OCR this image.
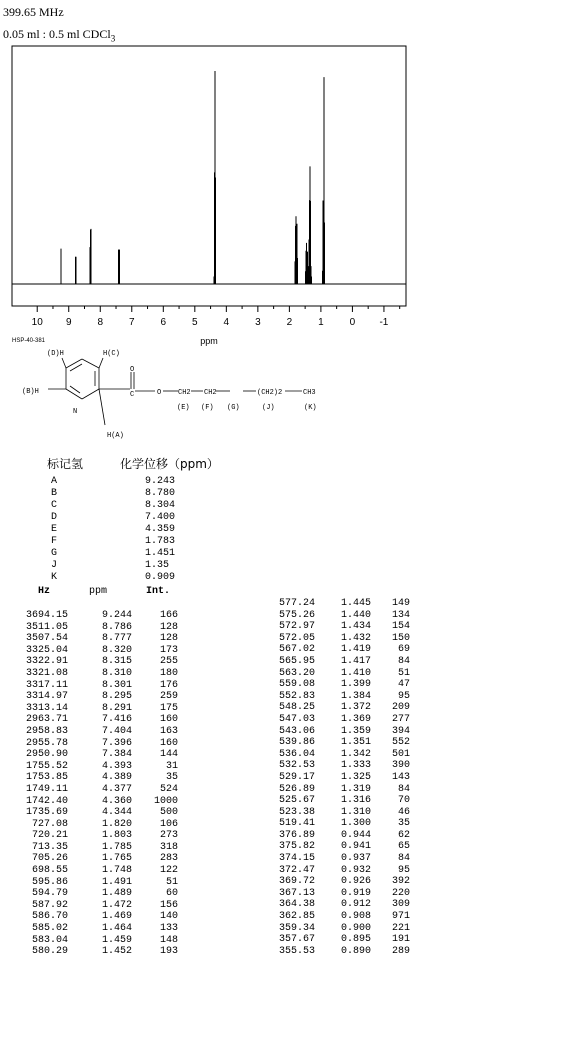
399.65 MHz
0.05 ml : 0.5 ml CDCl$_3$
10 9	8	7	6	5	4	3	2	1	0 -1
ppm
HSP-40-381
(D)H	H(C)
(B)H
N
H(A)
O
C	O CH2 CH2	(CH2)2	CH3
(E) (F) (G)	(J)	(K)
标记氢	化学位移（ppm）
A	9.243
B	8.780
C	8.304
D	7.400
E	4.359
F	1.783
G	1.451
J	1.35
K	0.909
Hz	ppm	Int.
3694.15	9.244	166
3511.05	8.786	128
3507.54	8.777	128
3325.04	8.320	173
3322.91	8.315	255
3321.08	8.310	180
3317.11	8.301	176
3314.97	8.295	259
3313.14	8.291	175
2963.71	7.416	160
2958.83	7.404	163
2955.78	7.396	160
2950.90	7.384	144
1755.52	4.393	31
1753.85	4.389	35
1749.11	4.377	524
1742.40	4.360	1000
1735.69	4.344	500
727.08	1.820	106
720.21	1.803	273
713.35	1.785	318
705.26	1.765	283
698.55	1.748	122
595.86	1.491	51
594.79	1.489	60
587.92	1.472	156
586.70	1.469	140
585.02	1.464	133
583.04	1.459	148
580.29	1.452	193
577.24	1.445	149
575.26	1.440	134
572.97	1.434	154
572.05	1.432	150
567.02	1.419	69
565.95	1.417	84
563.20	1.410	51
559.08	1.399	47
552.83	1.384	95
548.25	1.372	209
547.03	1.369	277
543.06	1.359	394
539.86	1.351	552
536.04	1.342	501
532.53	1.333	390
529.17	1.325	143
526.89	1.319	84
525.67	1.316	70
523.38	1.310	46
519.41	1.300	35
376.89	0.944	62
375.82	0.941	65
374.15	0.937	84
372.47	0.932	95
369.72	0.926	392
367.13	0.919	220
364.38	0.912	309
362.85	0.908	971
359.34	0.900	221
357.67	0.895	191
355.53	0.890	289
